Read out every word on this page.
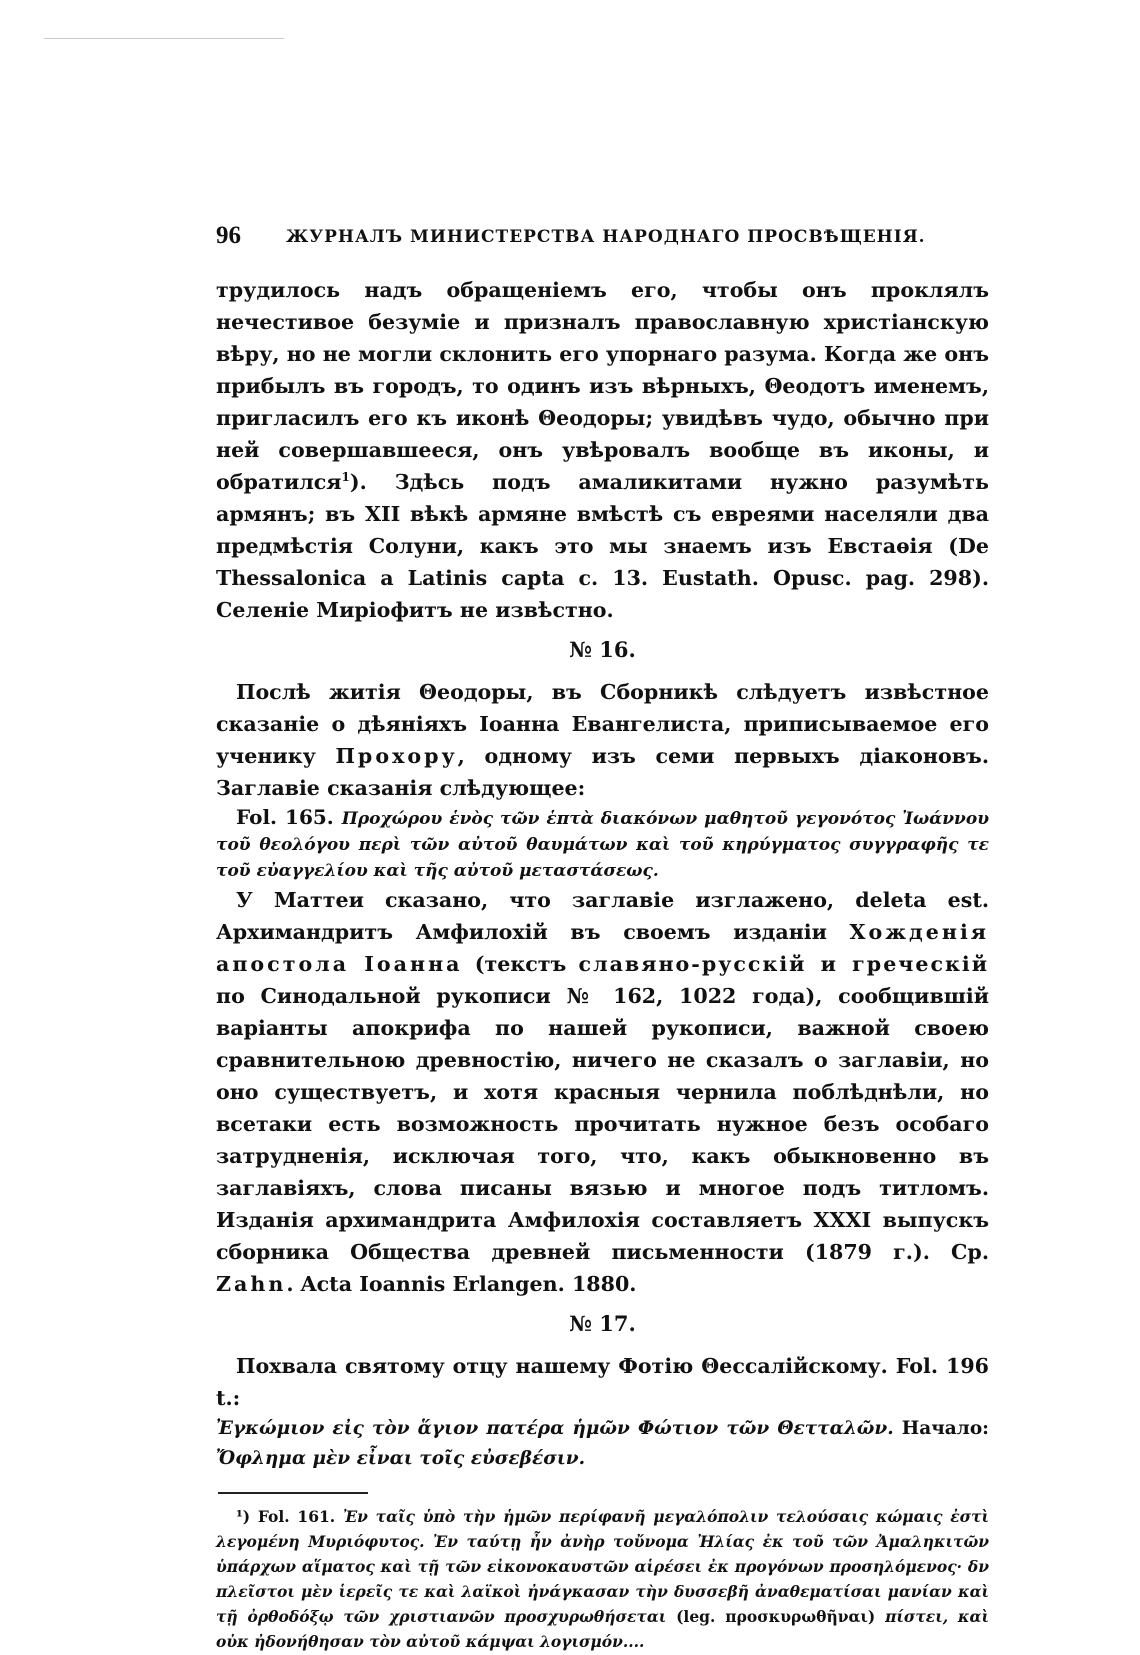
96	ЖУРНАЛЪ МИНИСТЕРСТВА НАРОДНАГО ПРОСВѢЩЕНІЯ.

трудилось надъ обращеніемъ его, чтобы онъ проклялъ нечестивое безуміе и призналъ православную христіанскую вѣру, но не могли склонить его упорнаго разума. Когда же онъ прибылъ въ городъ, то одинъ изъ вѣрныхъ, Θеодотъ именемъ, пригласилъ его къ иконѣ Θеодоры; увидѣвъ чудо, обычно при ней совершавшееся, онъ увѣровалъ вообще въ иконы, и обратился$^1$). Здѣсь подъ амаликитами нужно разумѣть армянъ; въ XII вѣкѣ армяне вмѣстѣ съ евреями населяли два предмѣстія Солуни, какъ это мы знаемъ изъ Евстаѳія (De Thessalonica a Latinis capta c. 13. Eustath. Opusc. pag. 298). Селеніе Миріофитъ не извѣстно.

№ 16.

Послѣ житія Θеодоры, въ Сборникѣ слѣдуетъ извѣстное сказаніе о дѣяніяхъ Іоанна Евангелиста, приписываемое его ученику Прохору, одному изъ семи первыхъ діаконовъ. Заглавіе сказанія слѣдующее:

Fol. 165. Προχώρου ἑνὸς τῶν ἑπτὰ διακόνων μαθητοῦ γεγονότος Ἰωάννου τοῦ θεολόγου περὶ τῶν αὐτοῦ θαυμάτων καὶ τοῦ κηρύγματος συγγραφῆς τε τοῦ εὐαγγελίου καὶ τῆς αὐτοῦ μεταστάσεως.

У Маттеи сказано, что заглавіе изглажено, deleta est. Архимандритъ Амфилохій въ своемъ изданіи Хожденія апостола Іоанна (текстъ славяно-русскій и греческій по Синодальной рукописи № 162, 1022 года), сообщившій варіанты апокрифа по нашей рукописи, важной своею сравнительною древностію, ничего не сказалъ о заглавіи, но оно существуетъ, и хотя красныя чернила поблѣднѣли, но всетаки есть возможность прочитать нужное безъ особаго затрудненія, исключая того, что, какъ обыкновенно въ заглавіяхъ, слова писаны вязью и многое подъ титломъ. Изданія архимандрита Амфилохія составляетъ XXXI выпускъ сборника Общества древней письменности (1879 г.). Cp. Zahn. Acta Ioannis Erlangen. 1880.

№ 17.

Похвала святому отцу нашему Фотію Θессалійскому. Fol. 196 t.:

Ἐγκώμιον εἰς τὸν ἅγιον πατέρα ἡμῶν Φώτιον τῶν Θετταλῶν. Начало: Ὄφλημα μὲν εἶναι τοῖς εὐσεβέσιν.

¹) Fol. 161. Ἐν ταῖς ὑπὸ τὴν ἡμῶν περίφανῆ μεγαλόπολιν τελούσαις κώμαις ἐστὶ λεγομένη Μυριόφυτος. Ἐν ταύτῃ ἦν ἀνὴρ τοὔνομα Ἠλίας ἐκ τοῦ τῶν Ἀμαληκιτῶν ὑπάρχων αἵματος καὶ τῇ τῶν εἰκονοκαυστῶν αἱρέσει ἐκ προγόνων προσηλόμενος· δν πλεῖστοι μὲν ἱερεῖς τε καὶ λαϊκοὶ ἠνάγκασαν τὴν δυσσεβῆ ἀναθεματίσαι μανίαν καὶ τῇ ὀρθοδόξῳ τῶν χριστιανῶν προσχυρωθήσεται (leg. προσκυρωθῆναι) πίστει, καὶ οὐκ ἠδονήθησαν τὸν αὐτοῦ κάμψαι λογισμόν....
